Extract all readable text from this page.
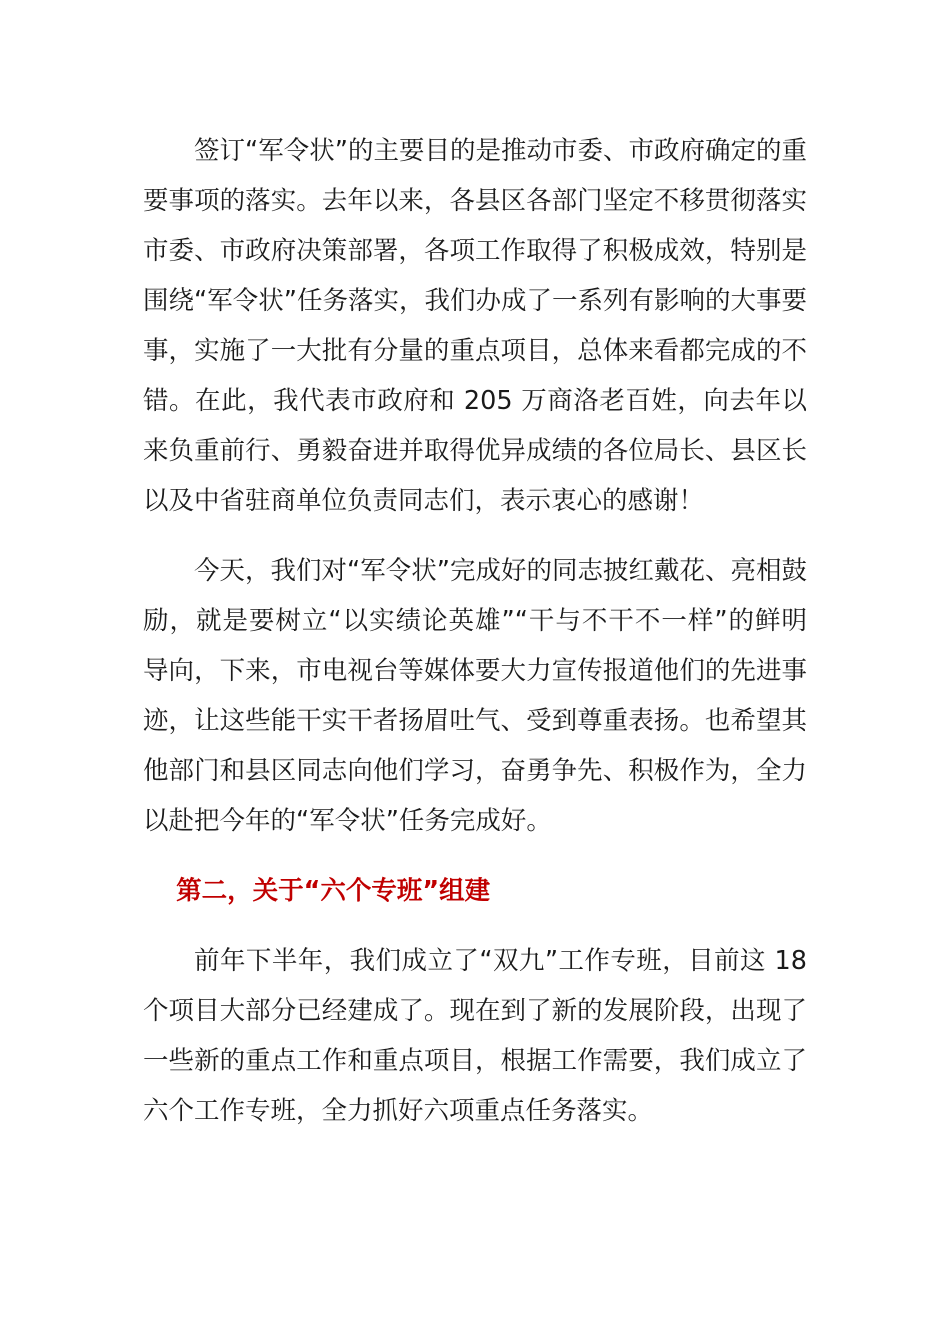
签订“军令状”的主要目的是推动市委、市政府确定的重要事项的落实。去年以来，各县区各部门坚定不移贯彻落实市委、市政府决策部署，各项工作取得了积极成效，特别是围绕“军令状”任务落实，我们办成了一系列有影响的大事要事，实施了一大批有分量的重点项目，总体来看都完成的不错。在此，我代表市政府和 205 万商洛老百姓，向去年以来负重前行、勇毅奋进并取得优异成绩的各位局长、县区长以及中省驻商单位负责同志们，表示衷心的感谢！

今天，我们对“军令状”完成好的同志披红戴花、亮相鼓励，就是要树立“以实绩论英雄”“干与不干不一样”的鲜明导向，下来，市电视台等媒体要大力宣传报道他们的先进事迹，让这些能干实干者扬眉吐气、受到尊重表扬。也希望其他部门和县区同志向他们学习，奋勇争先、积极作为，全力以赴把今年的“军令状”任务完成好。

第二，关于“六个专班”组建

前年下半年，我们成立了“双九”工作专班，目前这 18 个项目大部分已经建成了。现在到了新的发展阶段，出现了一些新的重点工作和重点项目，根据工作需要，我们成立了六个工作专班，全力抓好六项重点任务落实。
